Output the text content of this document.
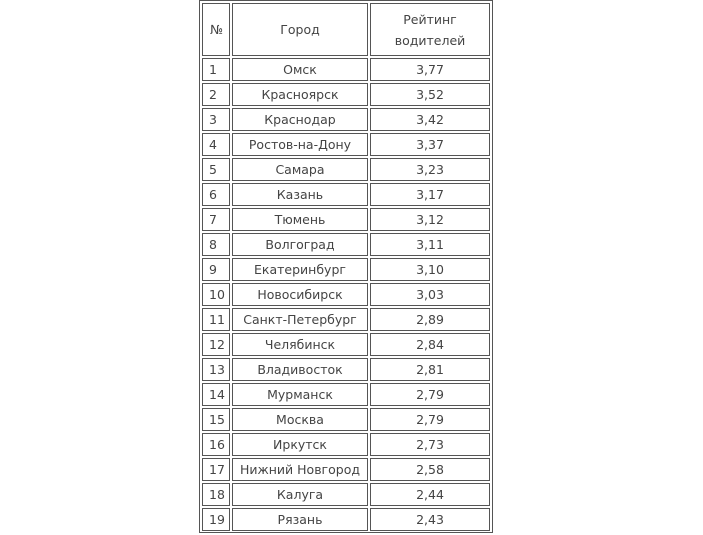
№	Город	Рейтинг водителей
1	Омск	3,77
2	Красноярск	3,52
3	Краснодар	3,42
4	Ростов-на-Дону	3,37
5	Самара	3,23
6	Казань	3,17
7	Тюмень	3,12
8	Волгоград	3,11
9	Екатеринбург	3,10
10	Новосибирск	3,03
11	Санкт-Петербург	2,89
12	Челябинск	2,84
13	Владивосток	2,81
14	Мурманск	2,79
15	Москва	2,79
16	Иркутск	2,73
17	Нижний Новгород	2,58
18	Калуга	2,44
19	Рязань	2,43
